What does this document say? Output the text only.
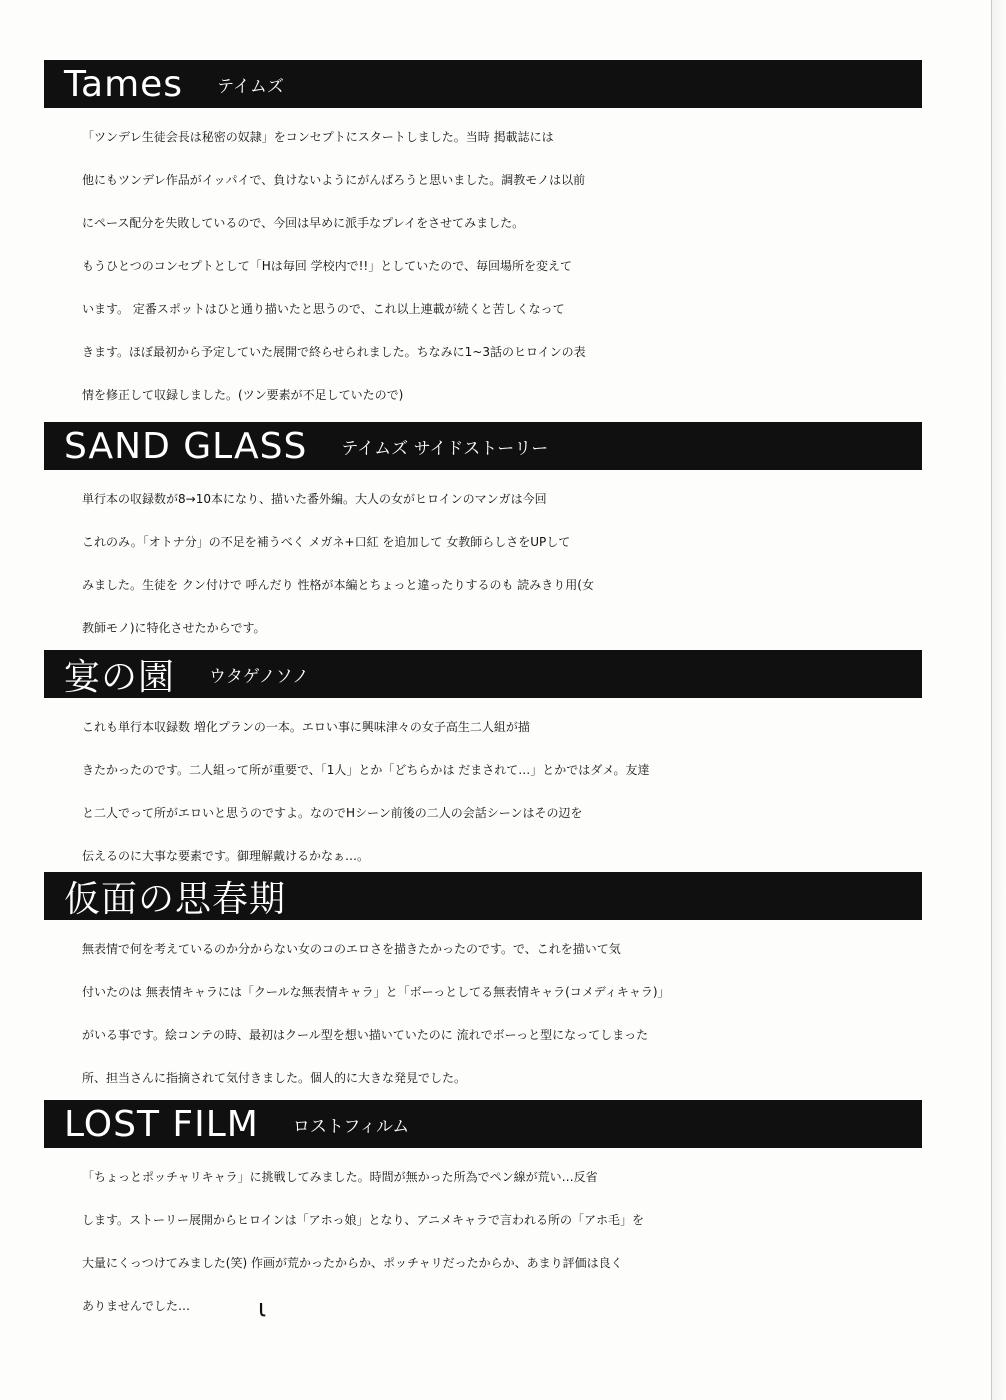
Tames テイムズ
「ツンデレ生徒会長は秘密の奴隷」をコンセプトにスタートしました。当時 掲載誌には
他にもツンデレ作品がイッパイで、負けないようにがんばろうと思いました。調教モノは以前
にペース配分を失敗しているので、今回は早めに派手なプレイをさせてみました。
もうひとつのコンセプトとして「Hは毎回 学校内で!!」としていたので、毎回場所を変えて
います。 定番スポットはひと通り描いたと思うので、これ以上連載が続くと苦しくなって
きます。ほぼ最初から予定していた展開で終らせられました。ちなみに1~3話のヒロインの表
情を修正して収録しました。(ツン要素が不足していたので)
SAND GLASS テイムズ サイドストーリー
単行本の収録数が8→10本になり、描いた番外編。大人の女がヒロインのマンガは今回
これのみ。「オトナ分」の不足を補うべく メガネ+口紅 を追加して 女教師らしさをUPして
みました。生徒を クン付けで 呼んだり 性格が本編とちょっと違ったりするのも 読みきり用(女
教師モノ)に特化させたからです。
宴の園 ウタゲノソノ
これも単行本収録数 増化プランの一本。エロい事に興味津々の女子高生二人組が描
きたかったのです。二人組って所が重要で、「1人」とか「どちらかは だまされて…」とかではダメ。友達
と二人でって所がエロいと思うのですよ。なのでHシーン前後の二人の会話シーンはその辺を
伝えるのに大事な要素です。御理解戴けるかなぁ…。
仮面の思春期
無表情で何を考えているのか分からない女のコのエロさを描きたかったのです。で、これを描いて気
付いたのは 無表情キャラには「クールな無表情キャラ」と「ボーっとしてる無表情キャラ(コメディキャラ)」
がいる事です。絵コンテの時、最初はクール型を想い描いていたのに 流れでボーっと型になってしまった
所、担当さんに指摘されて気付きました。個人的に大きな発見でした。
LOST FILM ロストフィルム
「ちょっとポッチャリキャラ」に挑戦してみました。時間が無かった所為でペン線が荒い…反省
します。ストーリー展開からヒロインは「アホっ娘」となり、アニメキャラで言われる所の「アホ毛」を
大量にくっつけてみました(笑) 作画が荒かったからか、ポッチャリだったからか、あまり評価は良く
ありませんでした…	ι
